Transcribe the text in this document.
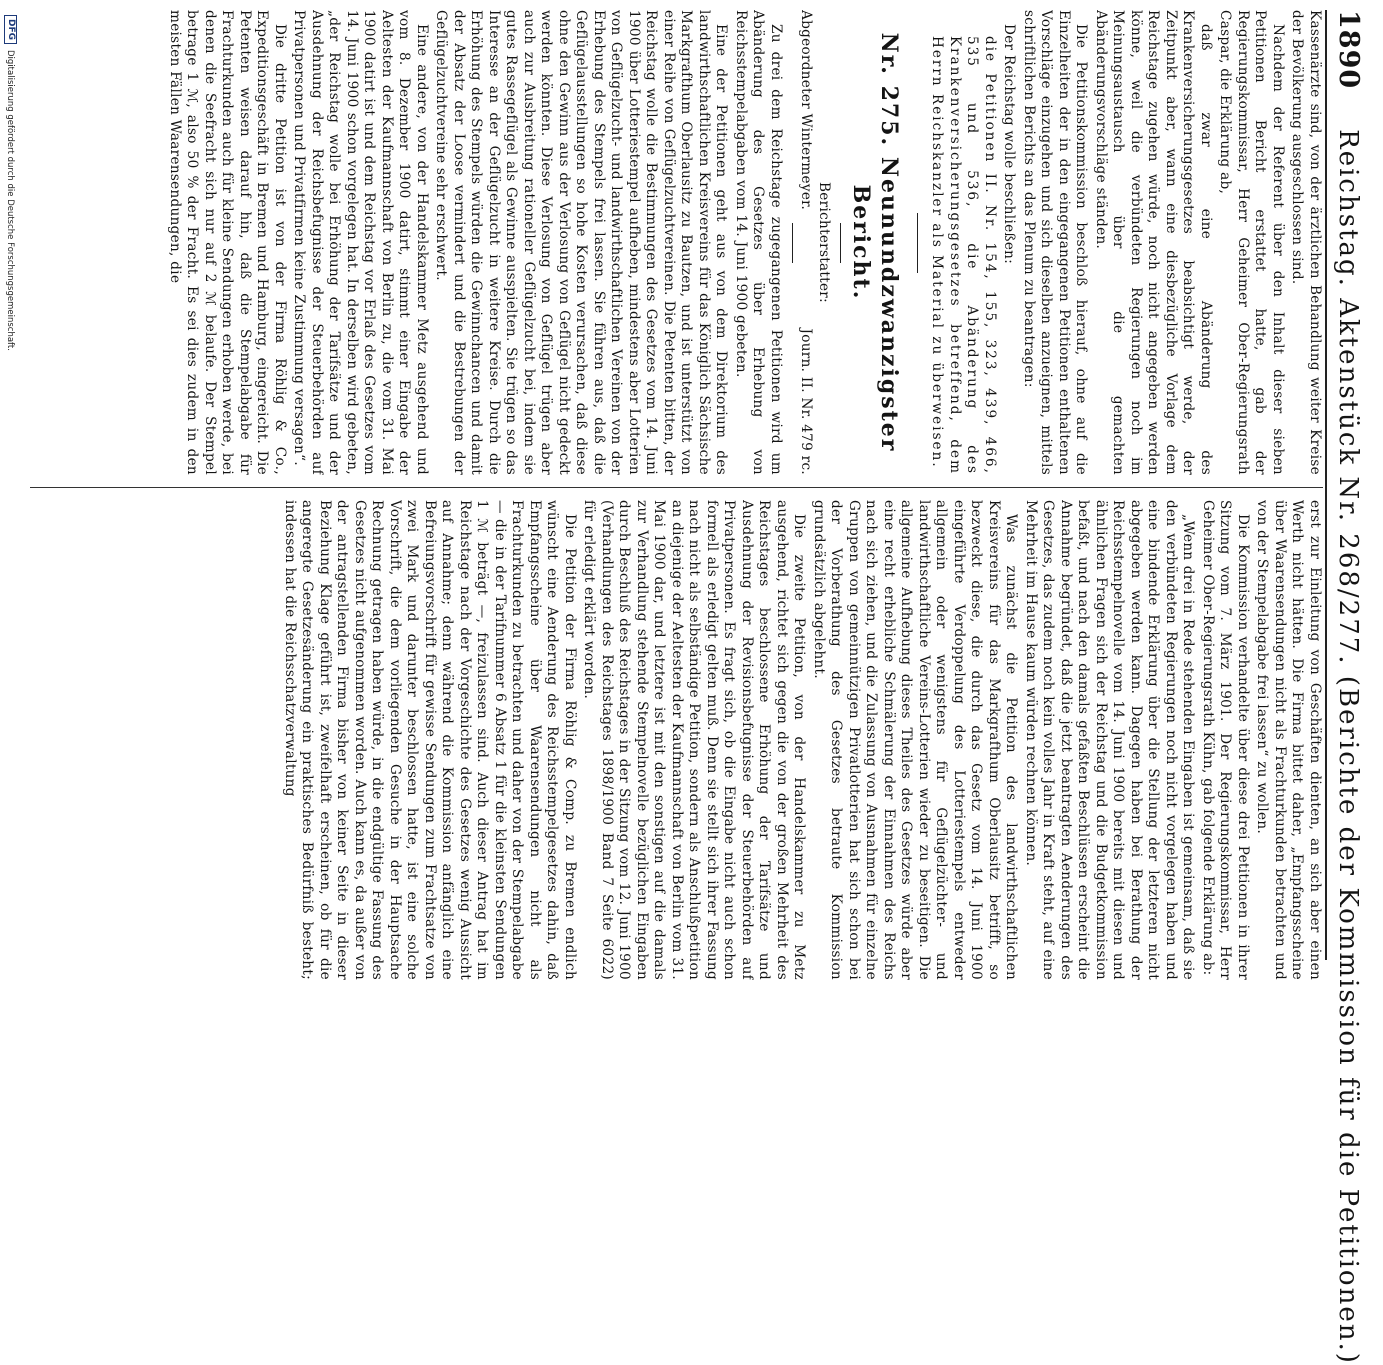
1890
Reichstag. Aktenstück Nr. 268/277. (Berichte der Kommission für die Petitionen.)

Kassenärzte sind, von der ärztlichen Behandlung weiter Kreise der Bevölkerung ausgeschlossen sind.

Nachdem der Referent über den Inhalt dieser sieben Petitionen Bericht erstattet hatte, gab der Regierungskommissar, Herr Geheimer Ober-Regierungsrath Caspar, die Erklärung ab,

daß zwar eine Abänderung des Krankenversicherungsgesetzes beabsichtigt werde, der Zeitpunkt aber, wann eine diesbezügliche Vorlage dem Reichstage zugehen würde, noch nicht angegeben werden könne, weil die verbündeten Regierungen noch im Meinungsaustausch über die gemachten Abänderungsvorschläge ständen.

Die Petitionskommission beschloß hierauf, ohne auf die Einzelheiten der in den eingegangenen Petitionen enthaltenen Vorschläge einzugehen und sich dieselben anzueignen, mittels schriftlichen Berichts an das Plenum zu beantragen:

Der Reichstag wolle beschließen:

die Petitionen II. Nr. 154, 155, 323, 439, 466, 535 und 536, die Abänderung des Krankenversicherungsgesetzes betreffend, dem Herrn Reichskanzler als Material zu überweisen.

Nr. 275. Neunundzwanzigster Bericht.
Berichterstatter:
Abgeordneter Wintermeyer.
Journ. II. Nr. 479 rc.

Zu drei dem Reichstage zugegangenen Petitionen wird um Abänderung des Gesetzes über Erhebung von Reichsstempelabgaben vom 14. Juni 1900 gebeten.

Eine der Petitionen geht aus von dem Direktorium des landwirthschaftlichen Kreisvereins für das Königlich Sächsische Markgrafthum Oberlausitz zu Bautzen, und ist unterstützt von einer Reihe von Geflügelzuchtvereinen. Die Petenten bitten, der Reichstag wolle die Bestimmungen des Gesetzes vom 14. Juni 1900 über Lotteriestempel aufheben, mindestens aber Lotterien von Geflügelzucht- und landwirthschaftlichen Vereinen von der Erhebung des Stempels frei lassen. Sie führen aus, daß die Geflügelausstellungen so hohe Kosten verursachen, daß diese ohne den Gewinn aus der Verlosung von Geflügel nicht gedeckt werden könnten. Diese Verlosung von Geflügel trügen aber auch zur Ausbreitung rationeller Geflügelzucht bei, indem sie gutes Rassegeflügel als Gewinne ausspielten. Sie trügen so das Interesse an der Geflügelzucht in weitere Kreise. Durch die Erhöhung des Stempels würden die Gewinnchancen und damit der Absatz der Loose vermindert und die Bestrebungen der Geflügelzuchtvereine sehr erschwert.

Eine andere, von der Handelskammer Metz ausgehend und vom 8. Dezember 1900 datirt, stimmt einer Eingabe der Aeltesten der Kaufmannschaft von Berlin zu, die vom 31. Mai 1900 datirt ist und dem Reichstag vor Erlaß des Gesetzes vom 14. Juni 1900 schon vorgelegen hat. In derselben wird gebeten, „der Reichstag wolle bei Erhöhung der Tarifsätze und der Ausdehnung der Reichsbefugnisse der Steuerbehörden auf Privatpersonen und Privatfirmen keine Zustimmung versagen“.

Die dritte Petition ist von der Firma Röhlig & Co., Expeditionsgeschäft in Bremen und Hamburg, eingereicht. Die Petenten weisen darauf hin, daß die Stempelabgabe für Frachturkunden auch für kleine Sendungen erhoben werde, bei denen die Seefracht sich nur auf 2 ℳ belaufe. Der Stempel betrage 1 ℳ, also 50 % der Fracht. Es sei dies zudem in den meisten Fällen Waarensendungen, die

erst zur Einleitung von Geschäften dienten, an sich aber einen Werth nicht hätten. Die Firma bittet daher, „Empfangsscheine über Waarensendungen nicht als Frachturkunden betrachten und von der Stempelabgabe frei lassen“ zu wollen.

Die Kommission verhandelte über diese drei Petitionen in ihrer Sitzung vom 7. März 1901. Der Regierungskommissar, Herr Geheimer Ober-Regierungsrath Kühn, gab folgende Erklärung ab:

„Wenn drei in Rede stehenden Eingaben ist gemeinsam, daß sie den verbündeten Regierungen noch nicht vorgelegen haben und eine bindende Erklärung über die Stellung der letzteren nicht abgegeben werden kann. Dagegen haben bei Berathung der Reichsstempelnovelle vom 14. Juni 1900 bereits mit diesen und ähnlichen Fragen sich der Reichstag und die Budgetkommission befaßt, und nach den damals gefaßten Beschlüssen erscheint die Annahme begründet, daß die jetzt beantragten Aenderungen des Gesetzes, das zudem noch kein volles Jahr in Kraft steht, auf eine Mehrheit im Hause kaum würden rechnen können.

Was zunächst die Petition des landwirthschaftlichen Kreisvereins für das Markgrafthum Oberlausitz betrifft, so bezweckt diese, die durch das Gesetz vom 14. Juni 1900 eingeführte Verdoppelung des Lotteriestempels entweder allgemein oder wenigstens für Geflügelzüchter- und landwirthschaftliche Vereins-Lotterien wieder zu beseitigen. Die allgemeine Aufhebung dieses Theiles des Gesetzes würde aber eine recht erhebliche Schmälerung der Einnahmen des Reichs nach sich ziehen, und die Zulassung von Ausnahmen für einzelne Gruppen von gemeinnützigen Privatlotterien hat sich schon bei der Vorberathung des Gesetzes betraute Kommission grundsätzlich abgelehnt.

Die zweite Petition, von der Handelskammer zu Metz ausgehend, richtet sich gegen die von der großen Mehrheit des Reichstages beschlossene Erhöhung der Tarifsätze und Ausdehnung der Revisionsbefugnisse der Steuerbehörden auf Privatpersonen. Es fragt sich, ob die Eingabe nicht auch schon formell als erledigt gelten muß. Denn sie stellt sich ihrer Fassung nach nicht als selbständige Petition, sondern als Anschlußpetition an diejenige der Aeltesten der Kaufmannschaft von Berlin vom 31. Mai 1900 dar, und letztere ist mit den sonstigen auf die damals zur Verhandlung stehende Stempelnovelle bezüglichen Eingaben durch Beschluß des Reichstages in der Sitzung vom 12. Juni 1900 (Verhandlungen des Reichstages 1898/1900 Band 7 Seite 6022) für erledigt erklärt worden.

Die Petition der Firma Röhlig & Comp. zu Bremen endlich wünscht eine Aenderung des Reichsstempelgesetzes dahin, daß Empfangsscheine über Waarensendungen nicht als Frachturkunden zu betrachten und daher von der Stempelabgabe — die in der Tarifnummer 6 Absatz 1 für die kleinsten Sendungen 1 ℳ beträgt —, freizulassen sind. Auch dieser Antrag hat im Reichstage nach der Vorgeschichte des Gesetzes wenig Aussicht auf Annahme; denn während die Kommission anfänglich eine Befreiungsvorschrift für gewisse Sendungen zum Frachtsatze von zwei Mark und darunter beschlossen hatte, ist eine solche Vorschrift, die dem vorliegenden Gesuche in der Hauptsache Rechnung getragen haben würde, in die endgültige Fassung des Gesetzes nicht aufgenommen worden. Auch kann es, da außer von der antragstellenden Firma bisher von keiner Seite in dieser Beziehung Klage geführt ist, zweifelhaft erscheinen, ob für die angeregte Gesetzesänderung ein praktisches Bedürfniß besteht; indessen hat die Reichsschatzverwaltung

DFG
Digitalisierung gefördert durch die Deutsche Forschungsgemeinschaft.
